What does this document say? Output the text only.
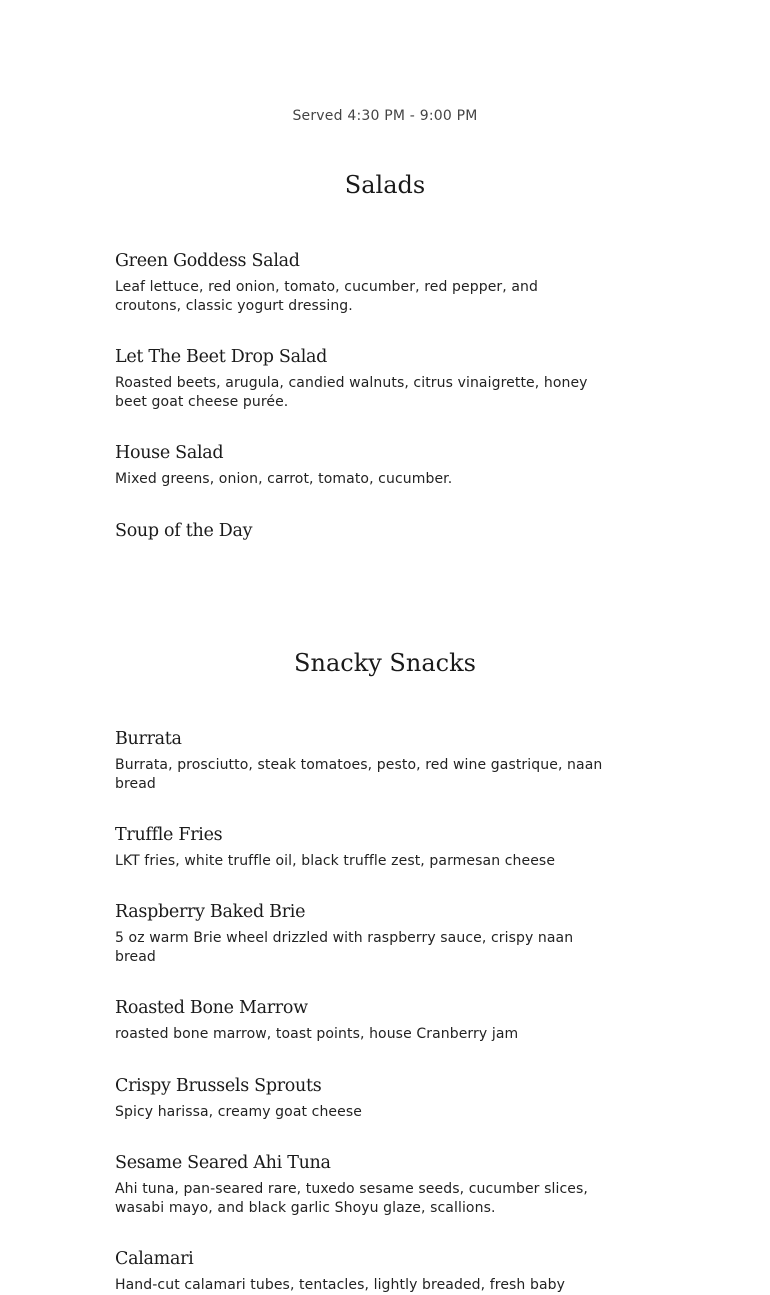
Served 4:30 PM - 9:00 PM
Salads
Green Goddess Salad
Leaf lettuce, red onion, tomato, cucumber, red pepper, and croutons, classic yogurt dressing.
Let The Beet Drop Salad
Roasted beets, arugula, candied walnuts, citrus vinaigrette, honey beet goat cheese purée.
House Salad
Mixed greens, onion, carrot, tomato, cucumber.
Soup of the Day
Snacky Snacks
Burrata
Burrata, prosciutto, steak tomatoes, pesto, red wine gastrique, naan bread
Truffle Fries
LKT fries, white truffle oil, black truffle zest, parmesan cheese
Raspberry Baked Brie
5 oz warm Brie wheel drizzled with raspberry sauce, crispy naan bread
Roasted Bone Marrow
roasted bone marrow, toast points, house Cranberry jam
Crispy Brussels Sprouts
Spicy harissa, creamy goat cheese
Sesame Seared Ahi Tuna
Ahi tuna, pan-seared rare, tuxedo sesame seeds, cucumber slices, wasabi mayo, and black garlic Shoyu glaze, scallions.
Calamari
Hand-cut calamari tubes, tentacles, lightly breaded, fresh baby
